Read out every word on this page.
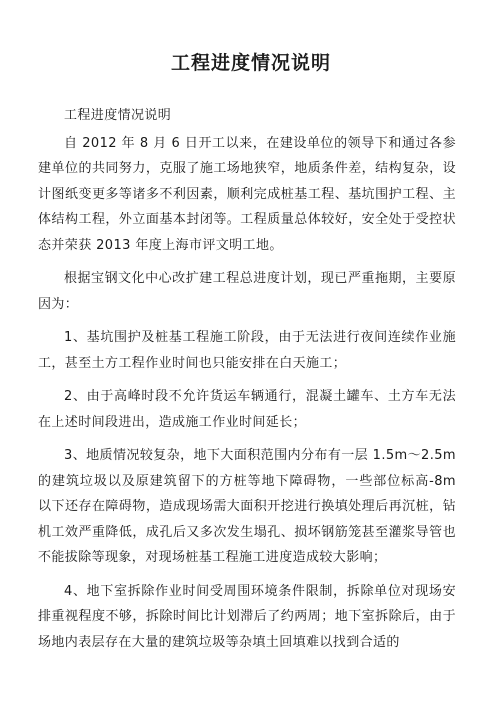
工程进度情况说明

工程进度情况说明

自 2012 年 8 月 6 日开工以来，在建设单位的领导下和通过各参建单位的共同努力，克服了施工场地狭窄，地质条件差，结构复杂，设计图纸变更多等诸多不利因素，顺利完成桩基工程、基坑围护工程、主体结构工程，外立面基本封闭等。工程质量总体较好，安全处于受控状态并荣获 2013 年度上海市评文明工地。

根据宝钢文化中心改扩建工程总进度计划，现已严重拖期，主要原因为：

1、基坑围护及桩基工程施工阶段，由于无法进行夜间连续作业施工，甚至土方工程作业时间也只能安排在白天施工；

2、由于高峰时段不允许货运车辆通行，混凝土罐车、土方车无法在上述时间段进出，造成施工作业时间延长；

3、地质情况较复杂，地下大面积范围内分布有一层 1.5m～2.5m 的建筑垃圾以及原建筑留下的方桩等地下障碍物，一些部位标高-8m 以下还存在障碍物，造成现场需大面积开挖进行换填处理后再沉桩，钻机工效严重降低，成孔后又多次发生塌孔、损坏钢筋笼甚至灌浆导管也不能拔除等现象，对现场桩基工程施工进度造成较大影响；

4、地下室拆除作业时间受周围环境条件限制，拆除单位对现场安排重视程度不够，拆除时间比计划滞后了约两周；地下室拆除后，由于场地内表层存在大量的建筑垃圾等杂填土回填难以找到合适的
